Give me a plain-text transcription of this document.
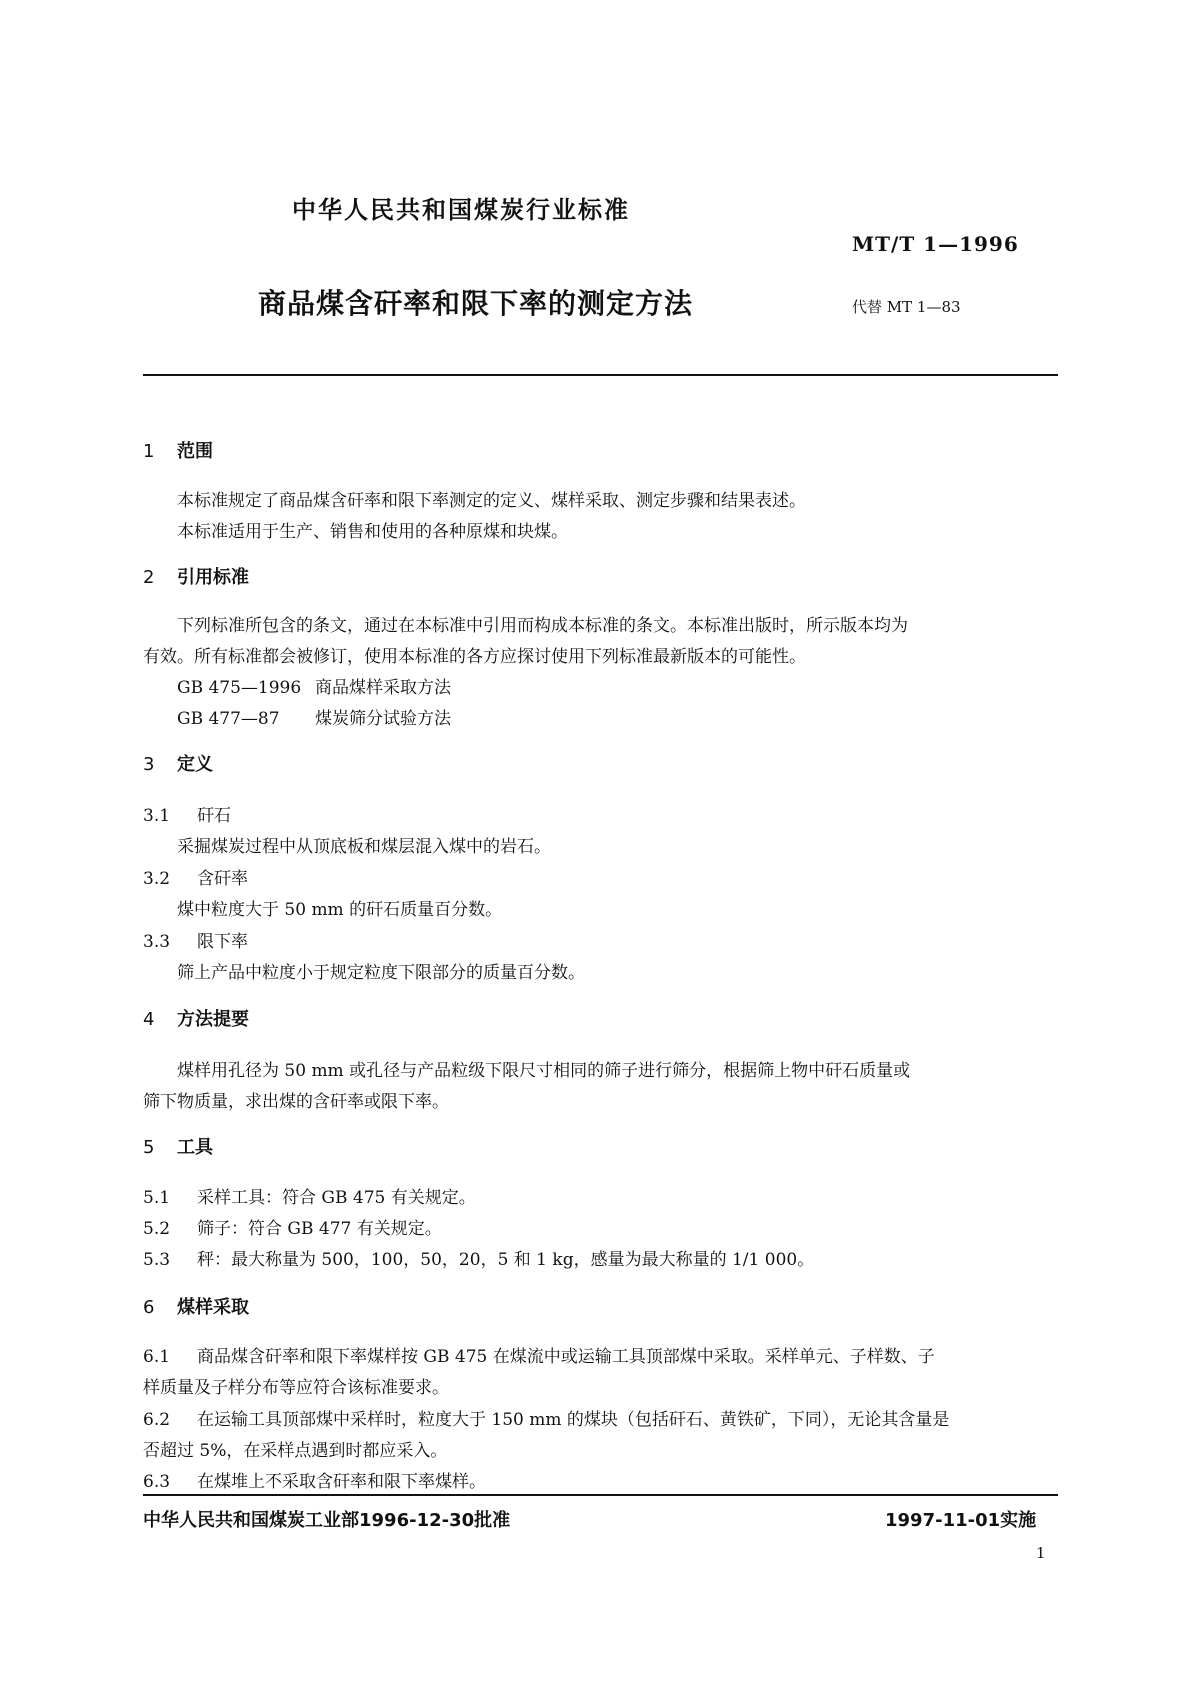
中华人民共和国煤炭行业标准
MT/T 1—1996
商品煤含矸率和限下率的测定方法	代替 MT 1—83
1 范围
本标准规定了商品煤含矸率和限下率测定的定义、煤样采取、测定步骤和结果表述。
本标准适用于生产、销售和使用的各种原煤和块煤。
2 引用标准
下列标准所包含的条文，通过在本标准中引用而构成本标准的条文。本标准出版时，所示版本均为
有效。所有标准都会被修订，使用本标准的各方应探讨使用下列标准最新版本的可能性。
GB 475—1996 商品煤样采取方法
GB 477—87 煤炭筛分试验方法
3 定义
3.1 矸石
采掘煤炭过程中从顶底板和煤层混入煤中的岩石。
3.2 含矸率
煤中粒度大于 50 mm 的矸石质量百分数。
3.3 限下率
筛上产品中粒度小于规定粒度下限部分的质量百分数。
4 方法提要
煤样用孔径为 50 mm 或孔径与产品粒级下限尺寸相同的筛子进行筛分，根据筛上物中矸石质量或
筛下物质量，求出煤的含矸率或限下率。
5 工具
5.1 采样工具：符合 GB 475 有关规定。
5.2 筛子：符合 GB 477 有关规定。
5.3 秤：最大称量为 500，100，50，20，5 和 1 kg，感量为最大称量的 1/1 000。
6 煤样采取
6.1 商品煤含矸率和限下率煤样按 GB 475 在煤流中或运输工具顶部煤中采取。采样单元、子样数、子
样质量及子样分布等应符合该标准要求。
6.2 在运输工具顶部煤中采样时，粒度大于 150 mm 的煤块（包括矸石、黄铁矿，下同），无论其含量是
否超过 5%，在采样点遇到时都应采入。
6.3 在煤堆上不采取含矸率和限下率煤样。
中华人民共和国煤炭工业部1996-12-30批准	1997-11-01实施
1
